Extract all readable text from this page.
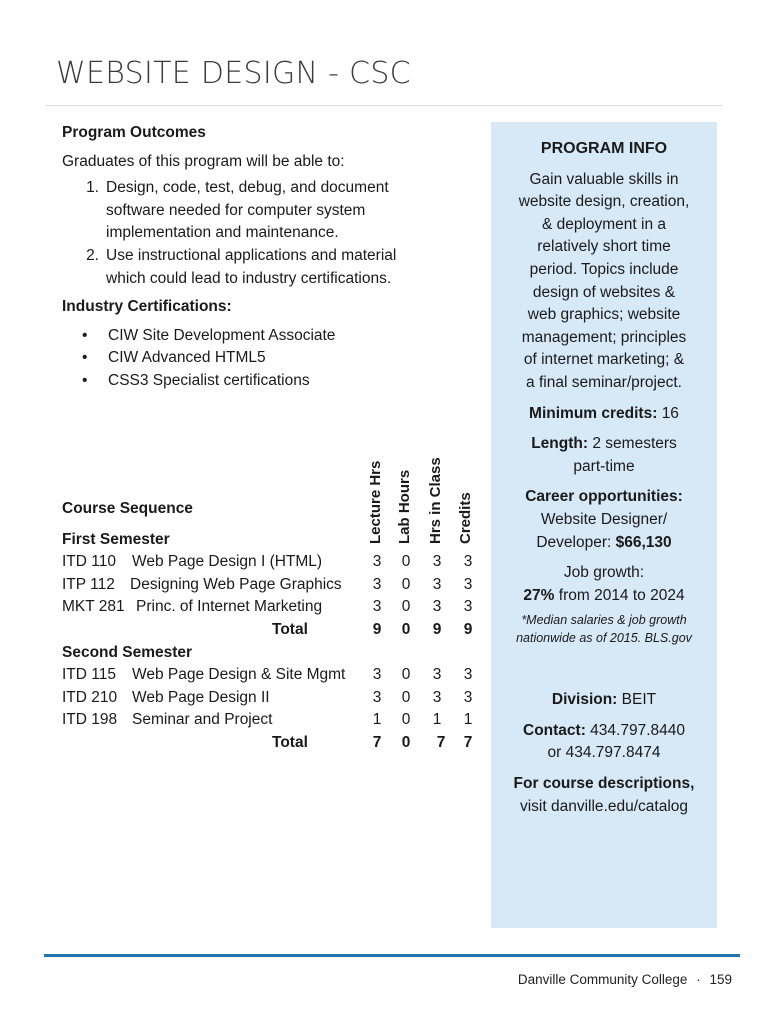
WEBSITE DESIGN - CSC
Program Outcomes
Graduates of this program will be able to:
1. Design, code, test, debug, and document
software needed for computer system
implementation and maintenance.
2. Use instructional applications and material
which could lead to industry certifications.
Industry Certifications:
•	CIW Site Development Associate
•	CIW Advanced HTML5
•	CSS3 Specialist certifications
Lecture Hrs Lab Hours Hrs in Class Credits
Course Sequence
First Semester
ITD 110 Web Page Design I (HTML)	3 0 3 3
ITP 112 Designing Web Page Graphics 3 0 3 3
MKT 281 Princ. of Internet Marketing	3 0 3 3
Total	9 0 9 9
Second Semester
ITD 115 Web Page Design & Site Mgmt 3 0 3 3
ITD 210 Web Page Design II	3 0 3 3
ITD 198 Seminar and Project	1 0 1 1
Total	7 0 7 7
PROGRAM INFO

Gain valuable skills in
website design, creation,
& deployment in a
relatively short time
period. Topics include
design of websites &
web graphics; website
management; principles
of internet marketing; &
a final seminar/project.

Minimum credits: 16

Length: 2 semesters
part-time

Career opportunities:
Website Designer/
Developer: $66,130

Job growth:
27% from 2014 to 2024

*Median salaries & job growth
nationwide as of 2015. BLS.gov

Division: BEIT

Contact: 434.797.8440
or 434.797.8474

For course descriptions,
visit danville.edu/catalog

Danville Community College · 159
